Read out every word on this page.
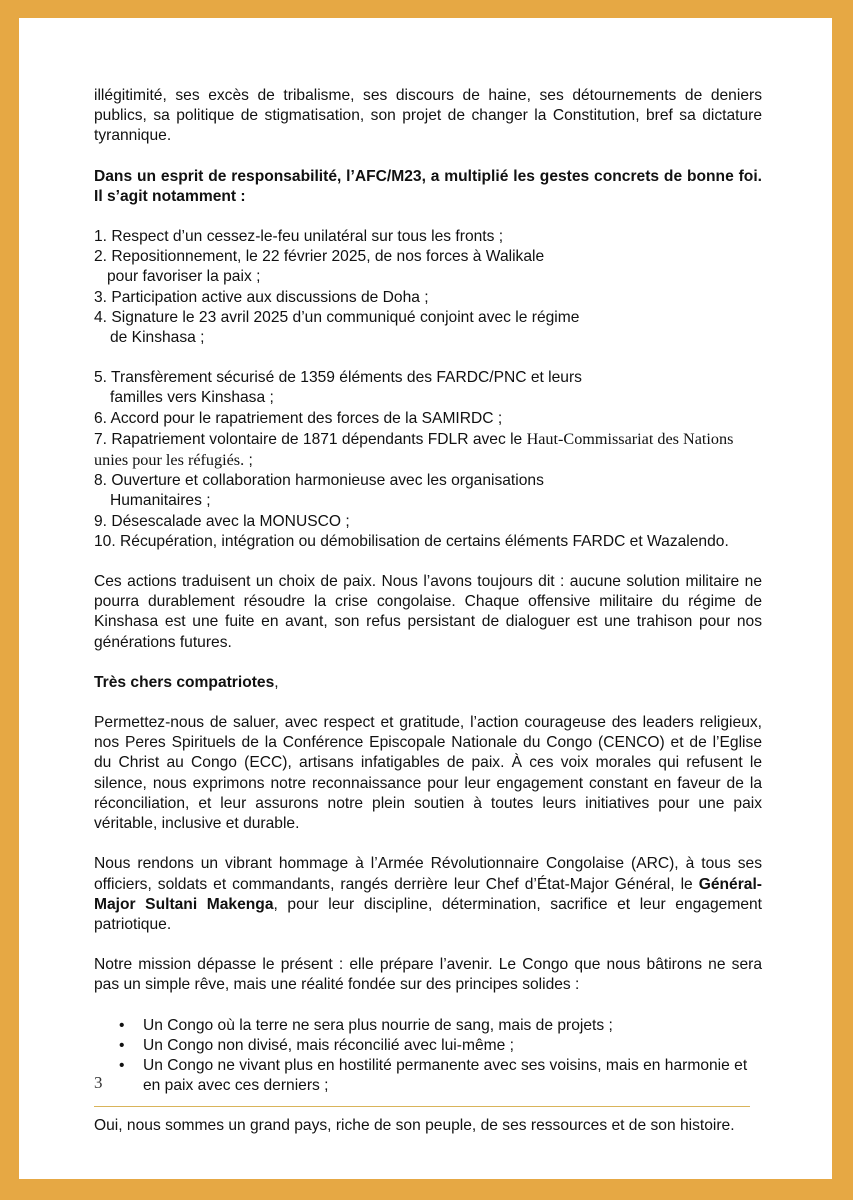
illégitimité, ses excès de tribalisme, ses discours de haine, ses détournements de deniers publics, sa politique de stigmatisation, son projet de changer la Constitution, bref sa dictature tyrannique.

Dans un esprit de responsabilité, l’AFC/M23, a multiplié les gestes concrets de bonne foi. Il s’agit notamment :

1. Respect d’un cessez-le-feu unilatéral sur tous les fronts ;
2. Repositionnement, le 22 février 2025, de nos forces à Walikale
pour favoriser la paix ;
3. Participation active aux discussions de Doha ;
4. Signature le 23 avril 2025 d’un communiqué conjoint avec le régime
de Kinshasa ;
5. Transfèrement sécurisé de 1359 éléments des FARDC/PNC et leurs
familles vers Kinshasa ;
6. Accord pour le rapatriement des forces de la SAMIRDC ;
7. Rapatriement volontaire de 1871 dépendants FDLR avec le Haut-Commissariat des Nations
unies pour les réfugiés. ;
8. Ouverture et collaboration harmonieuse avec les organisations
Humanitaires ;
9. Désescalade avec la MONUSCO ;
10. Récupération, intégration ou démobilisation de certains éléments FARDC et Wazalendo.

Ces actions traduisent un choix de paix. Nous l’avons toujours dit : aucune solution militaire ne pourra durablement résoudre la crise congolaise. Chaque offensive militaire du régime de Kinshasa est une fuite en avant, son refus persistant de dialoguer est une trahison pour nos générations futures.

Très chers compatriotes,

Permettez-nous de saluer, avec respect et gratitude, l’action courageuse des leaders religieux, nos Peres Spirituels de la Conférence Episcopale Nationale du Congo (CENCO) et de l’Eglise du Christ au Congo (ECC), artisans infatigables de paix. À ces voix morales qui refusent le silence, nous exprimons notre reconnaissance pour leur engagement constant en faveur de la réconciliation, et leur assurons notre plein soutien à toutes leurs initiatives pour une paix véritable, inclusive et durable.

Nous rendons un vibrant hommage à l’Armée Révolutionnaire Congolaise (ARC), à tous ses officiers, soldats et commandants, rangés derrière leur Chef d’État-Major Général, le Général-Major Sultani Makenga, pour leur discipline, détermination, sacrifice et leur engagement patriotique.

Notre mission dépasse le présent : elle prépare l’avenir. Le Congo que nous bâtirons ne sera pas un simple rêve, mais une réalité fondée sur des principes solides :

• Un Congo où la terre ne sera plus nourrie de sang, mais de projets ;
• Un Congo non divisé, mais réconcilié avec lui-même ;
• Un Congo ne vivant plus en hostilité permanente avec ses voisins, mais en harmonie et en paix avec ces derniers ;

Oui, nous sommes un grand pays, riche de son peuple, de ses ressources et de son histoire.

3
